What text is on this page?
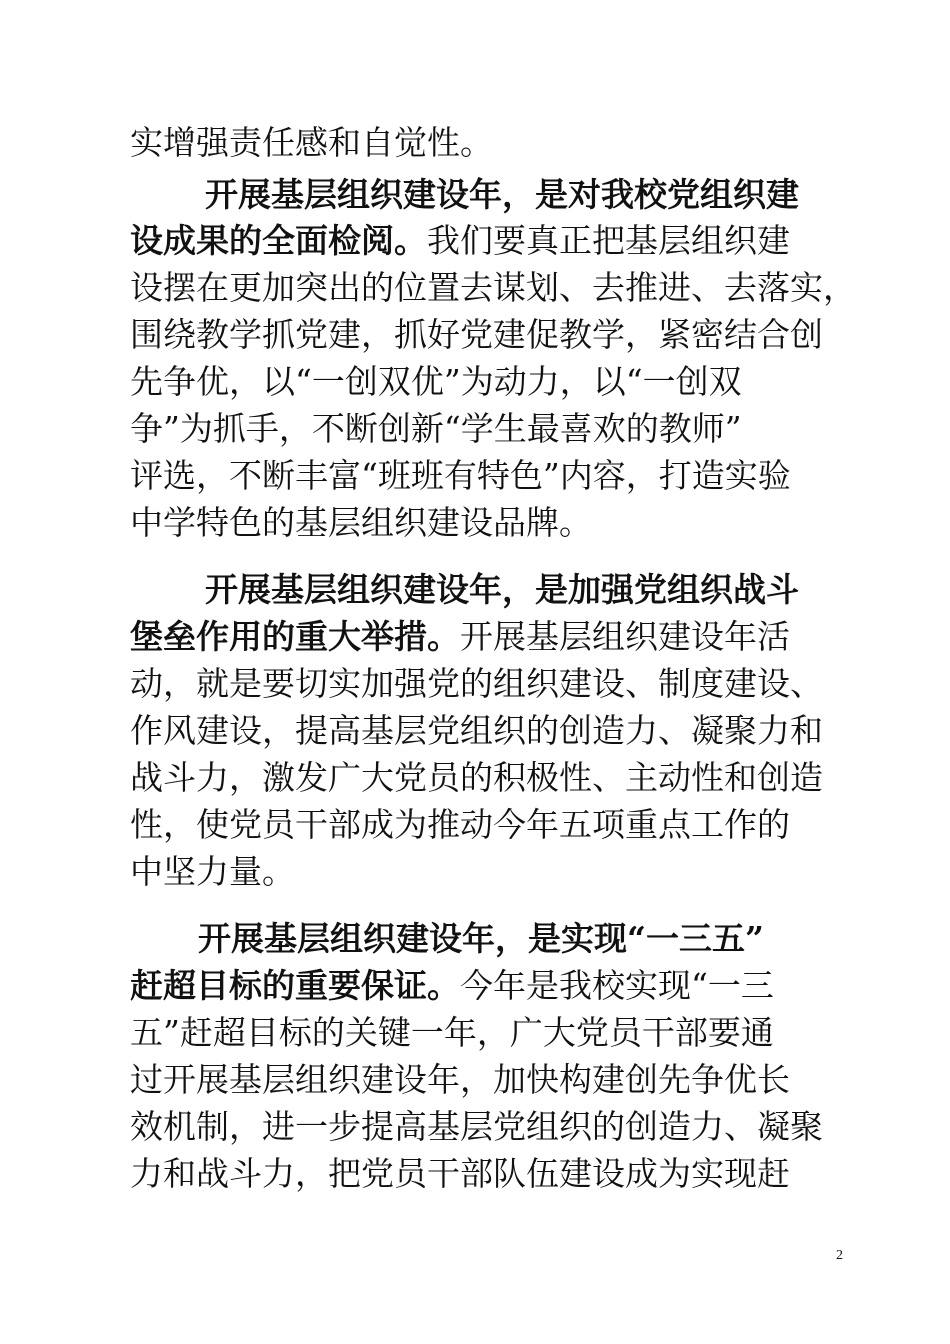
实增强责任感和自觉性。
开展基层组织建设年，是对我校党组织建
设成果的全面检阅。我们要真正把基层组织建
设摆在更加突出的位置去谋划、去推进、去落实，
围绕教学抓党建，抓好党建促教学，紧密结合创
先争优，以“一创双优”为动力，以“一创双
争”为抓手，不断创新“学生最喜欢的教师”
评选，不断丰富“班班有特色”内容，打造实验
中学特色的基层组织建设品牌。
开展基层组织建设年，是加强党组织战斗
堡垒作用的重大举措。开展基层组织建设年活
动，就是要切实加强党的组织建设、制度建设、
作风建设，提高基层党组织的创造力、凝聚力和
战斗力，激发广大党员的积极性、主动性和创造
性，使党员干部成为推动今年五项重点工作的
中坚力量。
开展基层组织建设年，是实现“一三五”
赶超目标的重要保证。今年是我校实现“一三
五”赶超目标的关键一年，广大党员干部要通
过开展基层组织建设年，加快构建创先争优长
效机制，进一步提高基层党组织的创造力、凝聚
力和战斗力，把党员干部队伍建设成为实现赶
2
